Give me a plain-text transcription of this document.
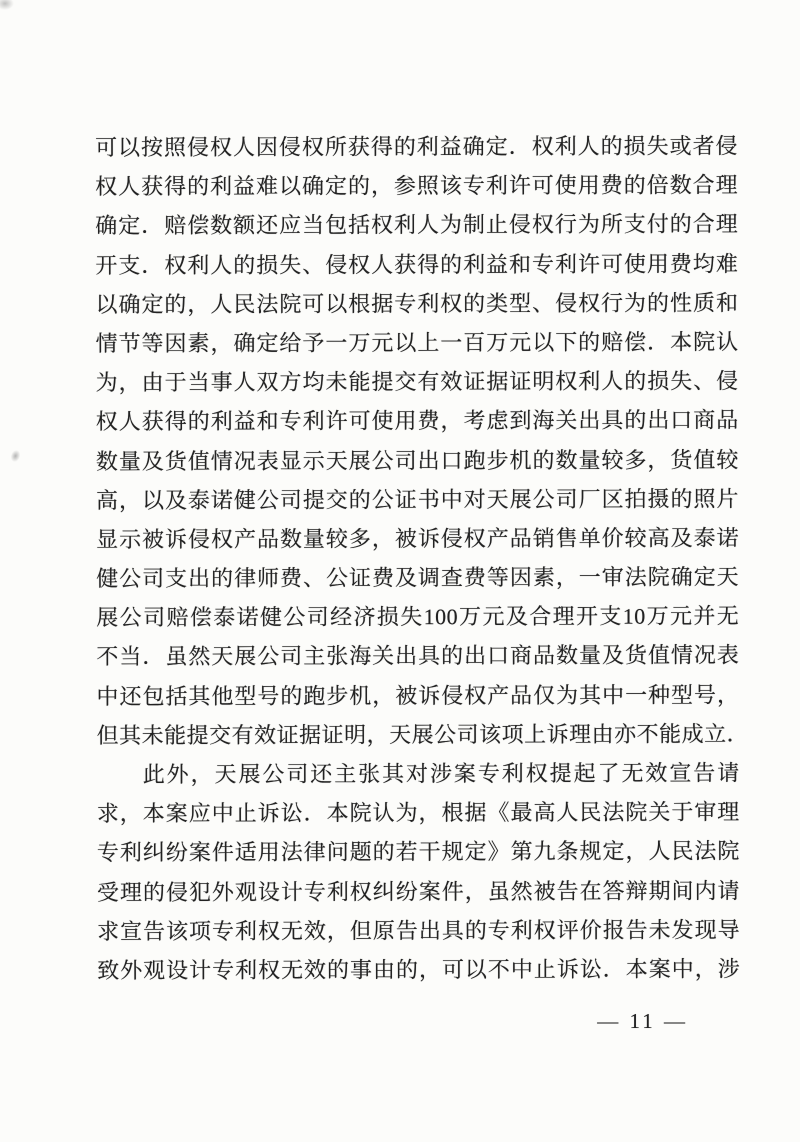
可以按照侵权人因侵权所获得的利益确定．权利人的损失或者侵
权人获得的利益难以确定的，参照该专利许可使用费的倍数合理
确定．赔偿数额还应当包括权利人为制止侵权行为所支付的合理
开支．权利人的损失、侵权人获得的利益和专利许可使用费均难
以确定的，人民法院可以根据专利权的类型、侵权行为的性质和
情节等因素，确定给予一万元以上一百万元以下的赔偿．本院认
为，由于当事人双方均未能提交有效证据证明权利人的损失、侵
权人获得的利益和专利许可使用费，考虑到海关出具的出口商品
数量及货值情况表显示天展公司出口跑步机的数量较多，货值较
高，以及泰诺健公司提交的公证书中对天展公司厂区拍摄的照片
显示被诉侵权产品数量较多，被诉侵权产品销售单价较高及泰诺
健公司支出的律师费、公证费及调查费等因素，一审法院确定天
展公司赔偿泰诺健公司经济损失100万元及合理开支10万元并无
不当．虽然天展公司主张海关出具的出口商品数量及货值情况表
中还包括其他型号的跑步机，被诉侵权产品仅为其中一种型号，
但其未能提交有效证据证明，天展公司该项上诉理由亦不能成立．
此外，天展公司还主张其对涉案专利权提起了无效宣告请
求，本案应中止诉讼．本院认为，根据《最高人民法院关于审理
专利纠纷案件适用法律问题的若干规定》第九条规定，人民法院
受理的侵犯外观设计专利权纠纷案件，虽然被告在答辩期间内请
求宣告该项专利权无效，但原告出具的专利权评价报告未发现导
致外观设计专利权无效的事由的，可以不中止诉讼．本案中，涉
— 11 —
